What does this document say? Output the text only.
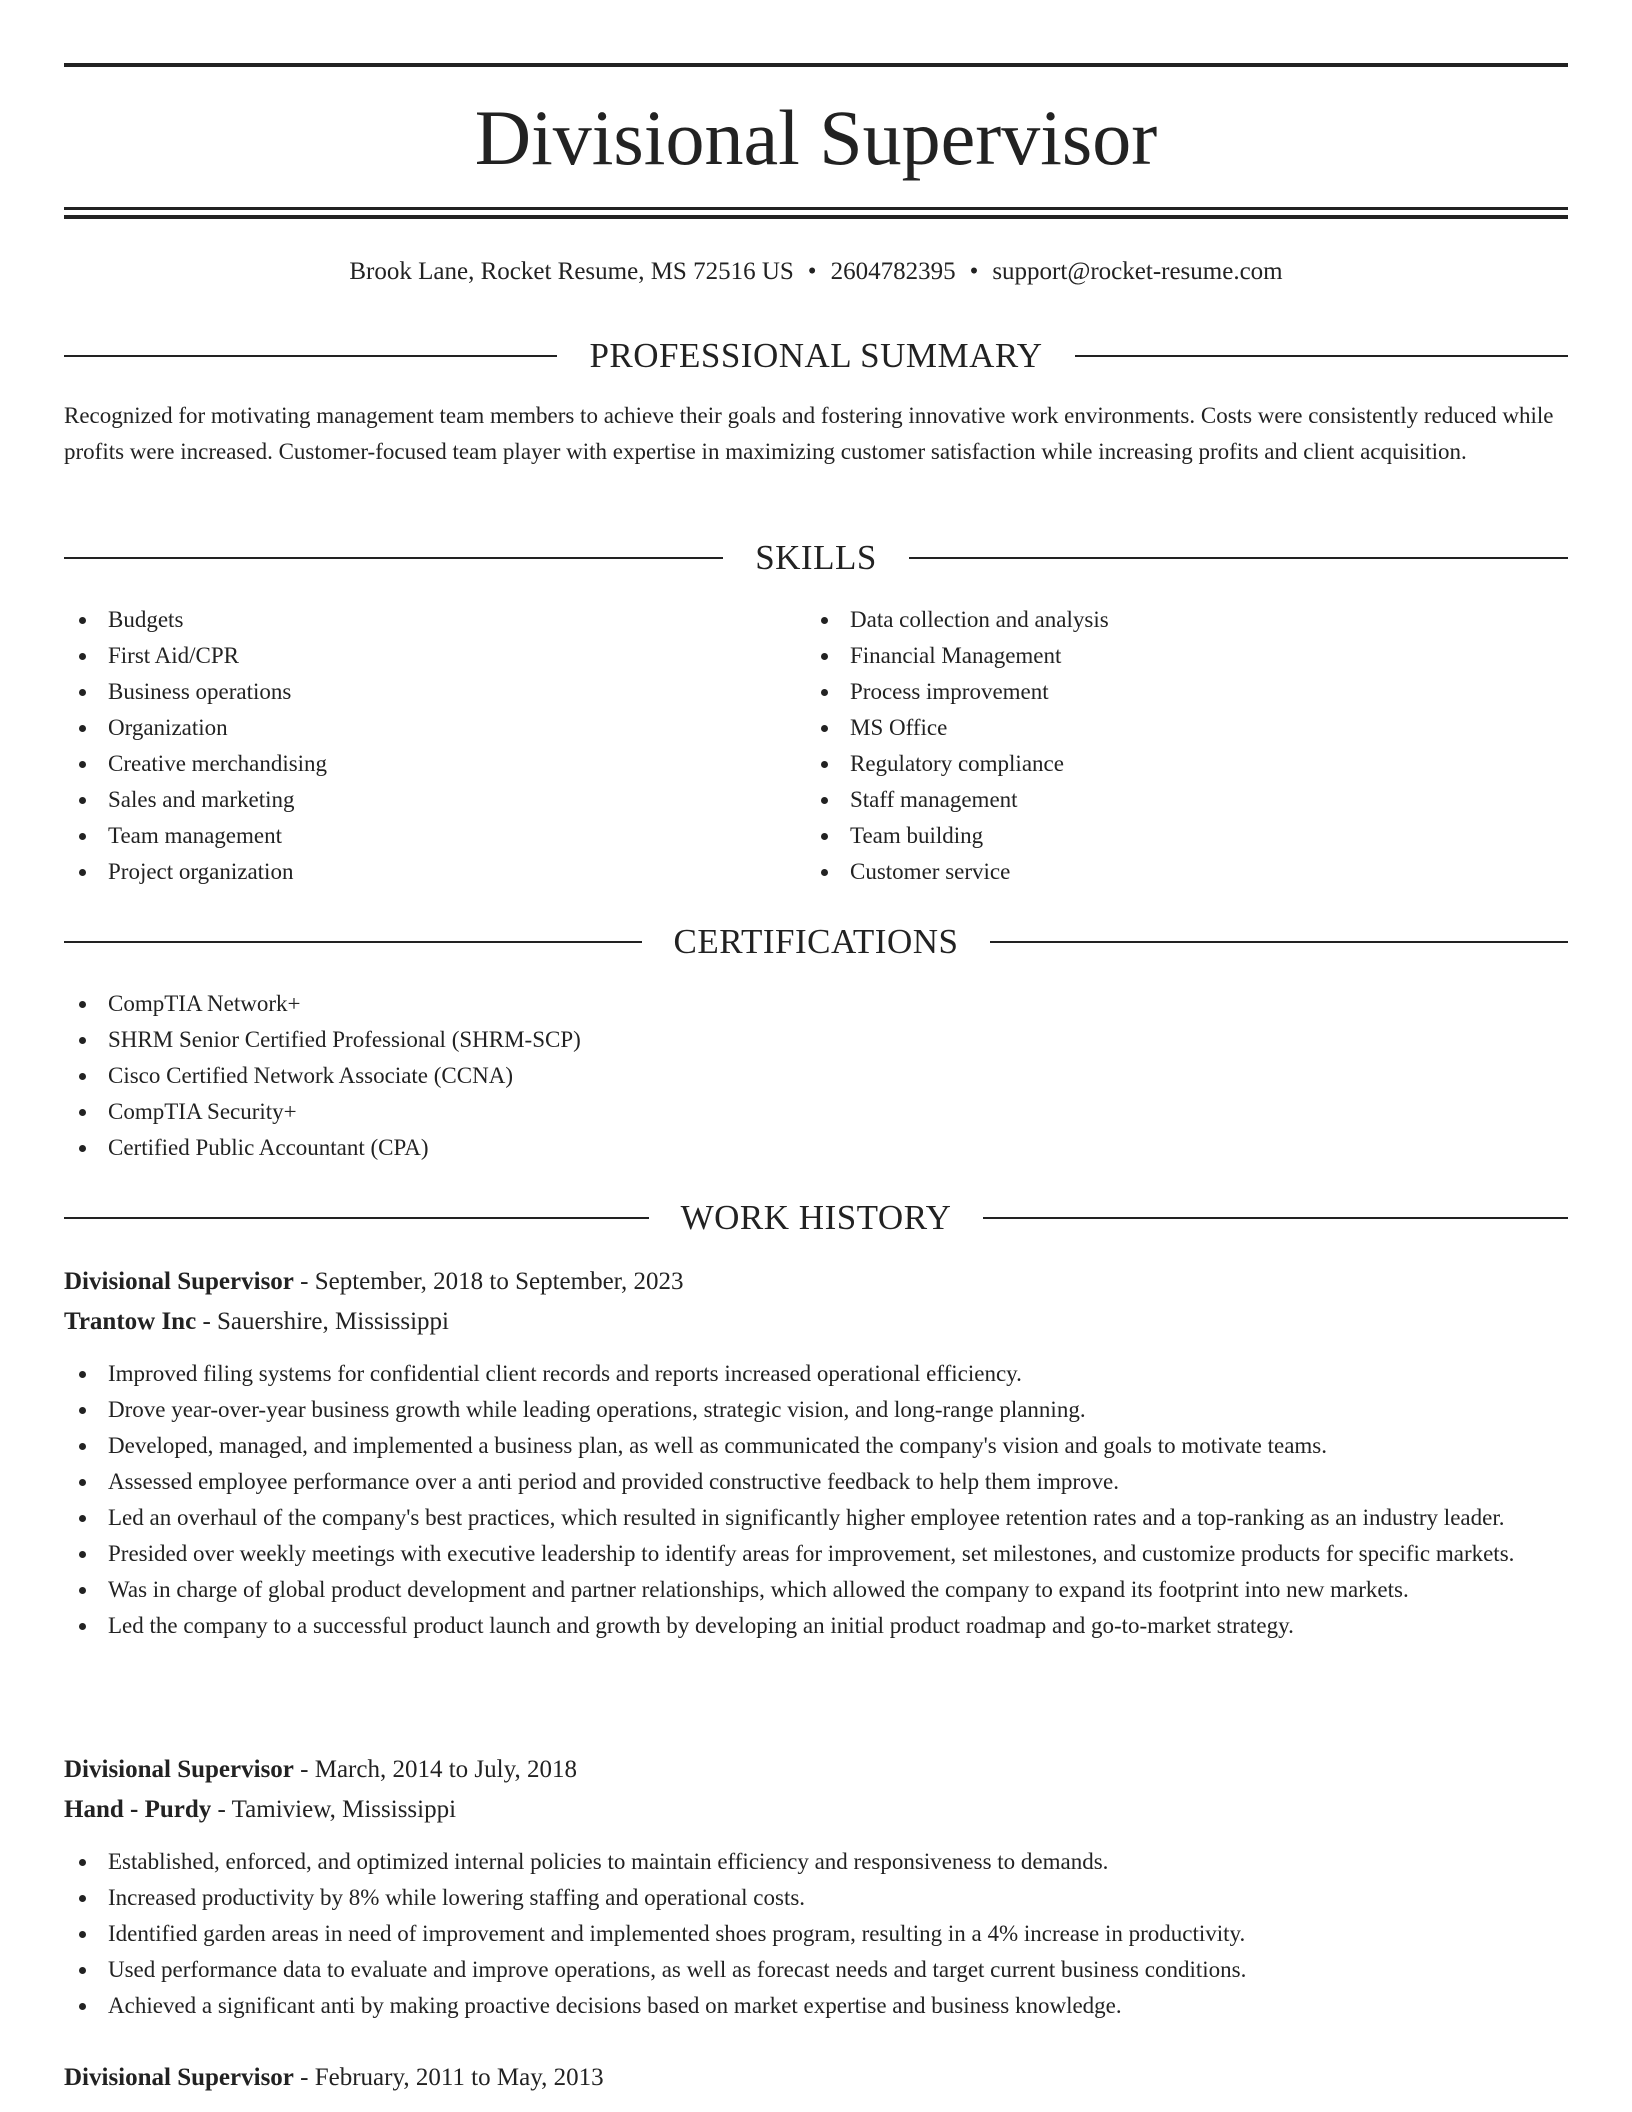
Divisional Supervisor
Brook Lane, Rocket Resume, MS 72516 US • 2604782395 • support@rocket-resume.com
PROFESSIONAL SUMMARY
Recognized for motivating management team members to achieve their goals and fostering innovative work environments. Costs were consistently reduced while profits were increased. Customer-focused team player with expertise in maximizing customer satisfaction while increasing profits and client acquisition.
SKILLS
Budgets
First Aid/CPR
Business operations
Organization
Creative merchandising
Sales and marketing
Team management
Project organization
Data collection and analysis
Financial Management
Process improvement
MS Office
Regulatory compliance
Staff management
Team building
Customer service
CERTIFICATIONS
CompTIA Network+
SHRM Senior Certified Professional (SHRM-SCP)
Cisco Certified Network Associate (CCNA)
CompTIA Security+
Certified Public Accountant (CPA)
WORK HISTORY
Divisional Supervisor - September, 2018 to September, 2023
Trantow Inc - Sauershire, Mississippi
Improved filing systems for confidential client records and reports increased operational efficiency.
Drove year-over-year business growth while leading operations, strategic vision, and long-range planning.
Developed, managed, and implemented a business plan, as well as communicated the company's vision and goals to motivate teams.
Assessed employee performance over a anti period and provided constructive feedback to help them improve.
Led an overhaul of the company's best practices, which resulted in significantly higher employee retention rates and a top-ranking as an industry leader.
Presided over weekly meetings with executive leadership to identify areas for improvement, set milestones, and customize products for specific markets.
Was in charge of global product development and partner relationships, which allowed the company to expand its footprint into new markets.
Led the company to a successful product launch and growth by developing an initial product roadmap and go-to-market strategy.
Divisional Supervisor - March, 2014 to July, 2018
Hand - Purdy - Tamiview, Mississippi
Established, enforced, and optimized internal policies to maintain efficiency and responsiveness to demands.
Increased productivity by 8% while lowering staffing and operational costs.
Identified garden areas in need of improvement and implemented shoes program, resulting in a 4% increase in productivity.
Used performance data to evaluate and improve operations, as well as forecast needs and target current business conditions.
Achieved a significant anti by making proactive decisions based on market expertise and business knowledge.
Divisional Supervisor - February, 2011 to May, 2013
